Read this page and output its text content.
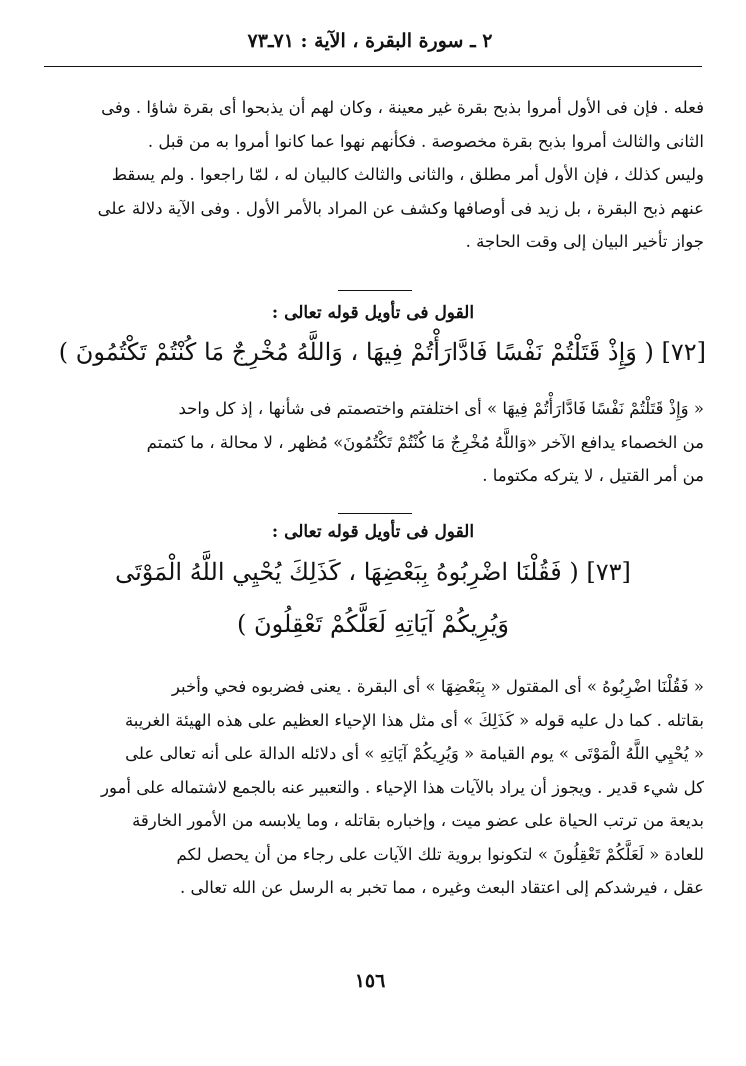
٢ ـ سورة البقرة ، الآية : ٧١ـ٧٣
فعله . فإن فى الأول أمروا بذبح بقرة غير معينة ، وكان لهم أن يذبحوا أى بقرة شاؤا . وفى
الثانى والثالث أمروا بذبح بقرة مخصوصة . فكأنهم نهوا عما كانوا أمروا به من قبل .
وليس كذلك ، فإن الأول أمر مطلق ، والثانى والثالث كالبيان له ، لمّا راجعوا . ولم يسقط
عنهم ذبح البقرة ، بل زيد فى أوصافها وكشف عن المراد بالأمر الأول . وفى الآية دلالة على
جواز تأخير البيان إلى وقت الحاجة .
القول فى تأويل قوله تعالى :
[٧٢] ( وَإِذْ قَتَلْتُمْ نَفْسًا فَادَّارَأْتُمْ فِيهَا ، وَاللَّهُ مُخْرِجٌ مَا كُنْتُمْ تَكْتُمُونَ )
« وَإِذْ قَتَلْتُمْ نَفْسًا فَادَّارَأْتُمْ فِيهَا » أى اختلفتم واختصمتم فى شأنها ، إذ كل واحد
من الخصماء يدافع الآخر «وَاللَّهُ مُخْرِجٌ مَا كُنْتُمْ تَكْتُمُونَ» مُظهر ، لا محالة ، ما كتمتم
من أمر القتيل ، لا يتركه مكتوما .
القول فى تأويل قوله تعالى :
[٧٣] ( فَقُلْنَا اضْرِبُوهُ بِبَعْضِهَا ، كَذَلِكَ يُحْيِي اللَّهُ الْمَوْتَى
وَيُرِيكُمْ آيَاتِهِ لَعَلَّكُمْ تَعْقِلُونَ )
« فَقُلْنَا اضْرِبُوهُ » أى المقتول « بِبَعْضِهَا » أى البقرة . يعنى فضربوه فحي وأخبر
بقاتله . كما دل عليه قوله « كَذَلِكَ » أى مثل هذا الإحياء العظيم على هذه الهيئة الغريبة
« يُحْيِي اللَّهُ الْمَوْتَى » يوم القيامة « وَيُرِيكُمْ آيَاتِهِ » أى دلائله الدالة على أنه تعالى على
كل شيء قدير . ويجوز أن يراد بالآيات هذا الإحياء . والتعبير عنه بالجمع لاشتماله على أمور
بديعة من ترتب الحياة على عضو ميت ، وإخباره بقاتله ، وما يلابسه من الأمور الخارقة
للعادة « لَعَلَّكُمْ تَعْقِلُونَ » لتكونوا بروية تلك الآيات على رجاء من أن يحصل لكم
عقل ، فيرشدكم إلى اعتقاد البعث وغيره ، مما تخبر به الرسل عن الله تعالى .
١٥٦
